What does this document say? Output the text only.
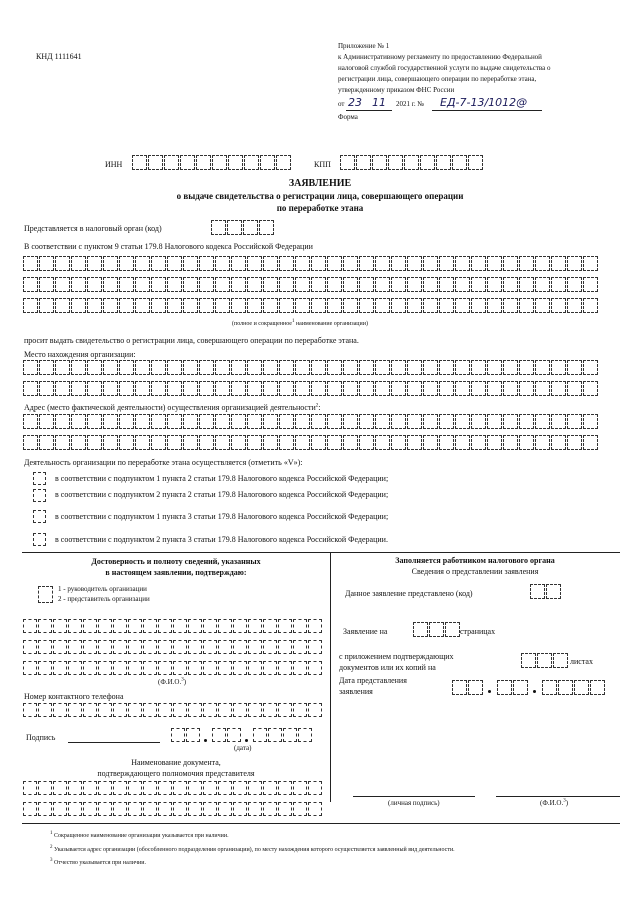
КНД 1111641
Приложение № 1
к Административному регламенту по предоставлению Федеральной
налоговой службой государственной услуги по выдаче свидетельства о
регистрации лица, совершающего операции по переработке этана,
утвержденному приказом ФНС России
от 23 11 2021 г. № ЕД-7-13/1012@
Форма
ИНН	КПП
ЗАЯВЛЕНИЕ
о выдаче свидетельства о регистрации лица, совершающего операции
по переработке этана
Представляется в налоговый орган (код)
В соответствии с пунктом 9 статьи 179.8 Налогового кодекса Российской Федерации
(полное и сокращенное$^1$ наименование организации)
просит выдать свидетельство о регистрации лица, совершающего операции по переработке этана.
Место нахождения организации:
Адрес (место фактической деятельности) осуществления организацией деятельности$^2$:
Деятельность организации по переработке этана осуществляется (отметить «V»):
в соответствии с подпунктом 1 пункта 2 статьи 179.8 Налогового кодекса Российской Федерации;
в соответствии с подпунктом 2 пункта 2 статьи 179.8 Налогового кодекса Российской Федерации;
в соответствии с подпунктом 1 пункта 3 статьи 179.8 Налогового кодекса Российской Федерации;
в соответствии с подпунктом 2 пункта 3 статьи 179.8 Налогового кодекса Российской Федерации.
Достоверность и полноту сведений, указанных
в настоящем заявлении, подтверждаю:
1 - руководитель организации
2 - представитель организации
(Ф.И.О.$^3$)
Номер контактного телефона
Подпись
(дата)
Наименование документа,
подтверждающего полномочия представителя
Заполняется работником налогового органа
Сведения о представлении заявления
Данное заявление представлено (код)
Заявление на	страницах
с приложением подтверждающих
документов или их копий на
листах
Дата представления
заявления
(личная подпись)	(Ф.И.О.$^3$)
$^1$ Сокращенное наименование организации указывается при наличии.
$^2$ Указывается адрес организации (обособленного подразделения организации), по месту нахождения которого осуществляется заявленный вид деятельности.
$^3$ Отчество указывается при наличии.
